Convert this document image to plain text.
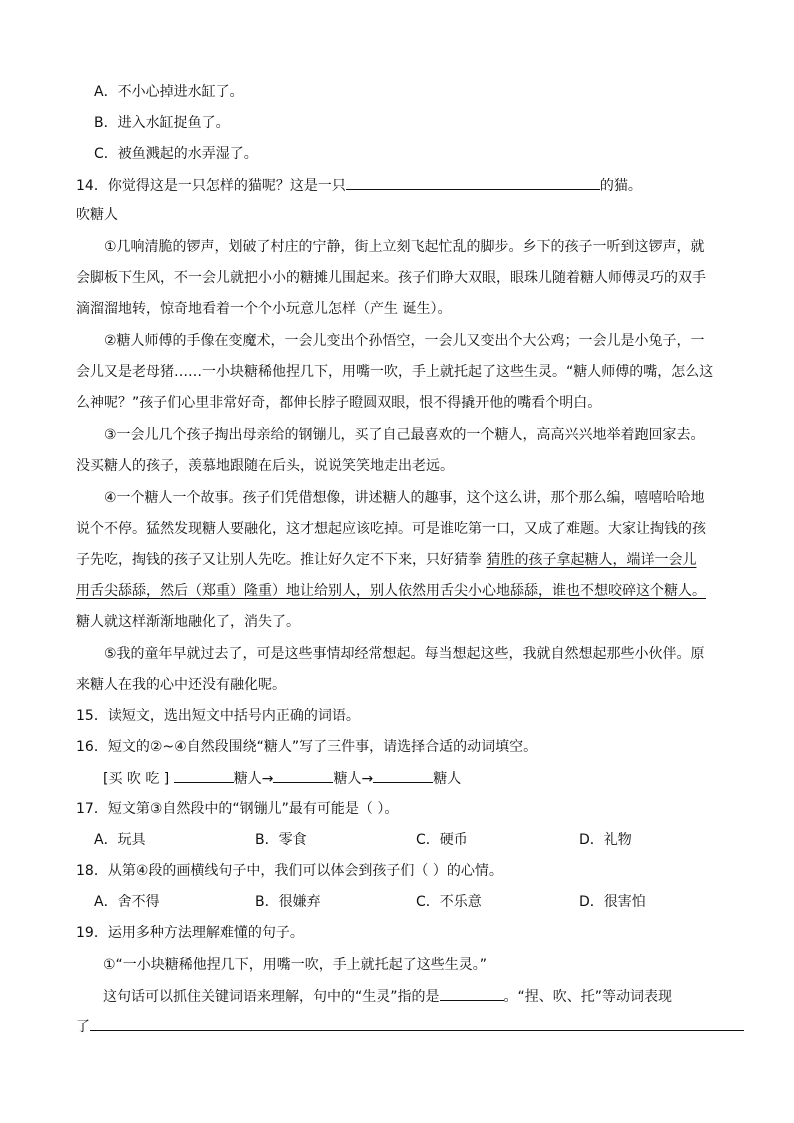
A．不小心掉进水缸了。
B．进入水缸捉鱼了。
C．被鱼溅起的水弄湿了。
14．你觉得这是一只怎样的猫呢？这是一只	的猫。
吹糖人
①几响清脆的锣声，划破了村庄的宁静，街上立刻飞起忙乱的脚步。乡下的孩子一听到这锣声，就
会脚板下生风，不一会儿就把小小的糖摊儿围起来。孩子们睁大双眼，眼珠儿随着糖人师傅灵巧的双手
滴溜溜地转，惊奇地看着一个个小玩意儿怎样（产生 诞生）。
②糖人师傅的手像在变魔术，一会儿变出个孙悟空，一会儿又变出个大公鸡；一会儿是小兔子，一
会儿又是老母猪……一小块糖稀他捏几下，用嘴一吹，手上就托起了这些生灵。“糖人师傅的嘴，怎么这
么神呢？”孩子们心里非常好奇，都伸长脖子瞪圆双眼，恨不得撬开他的嘴看个明白。
③一会儿几个孩子掏出母亲给的钢镚儿，买了自己最喜欢的一个糖人，高高兴兴地举着跑回家去。
没买糖人的孩子，羡慕地跟随在后头，说说笑笑地走出老远。
④一个糖人一个故事。孩子们凭借想像，讲述糖人的趣事，这个这么讲，那个那么编，嘻嘻哈哈地
说个不停。猛然发现糖人要融化，这才想起应该吃掉。可是谁吃第一口，又成了难题。大家让掏钱的孩
子先吃，掏钱的孩子又让别人先吃。推让好久定不下来，只好猜拳 猜胜的孩子拿起糖人，端详一会儿
用舌尖舔舔，然后（郑重）隆重）地让给别人，别人依然用舌尖小心地舔舔，谁也不想咬碎这个糖人。
糖人就这样渐渐地融化了，消失了。
⑤我的童年早就过去了，可是这些事情却经常想起。每当想起这些，我就自然想起那些小伙伴。原
来糖人在我的心中还没有融化呢。
15．读短文，选出短文中括号内正确的词语。
16．短文的②~④自然段围绕“糖人”写了三件事，请选择合适的动词填空。
[买 吹 吃 ]	糖人→	糖人→	糖人
17．短文第③自然段中的“钢镚儿”最有可能是（ ）。
A．玩具	B．零食	C．硬币	D．礼物
18．从第④段的画横线句子中，我们可以体会到孩子们（ ）的心情。
A．舍不得	B．很嫌弃	C．不乐意	D．很害怕
19．运用多种方法理解难懂的句子。
①“一小块糖稀他捏几下，用嘴一吹，手上就托起了这些生灵。”
这句话可以抓住关键词语来理解，句中的“生灵”指的是	。“捏、吹、托”等动词表现
了
